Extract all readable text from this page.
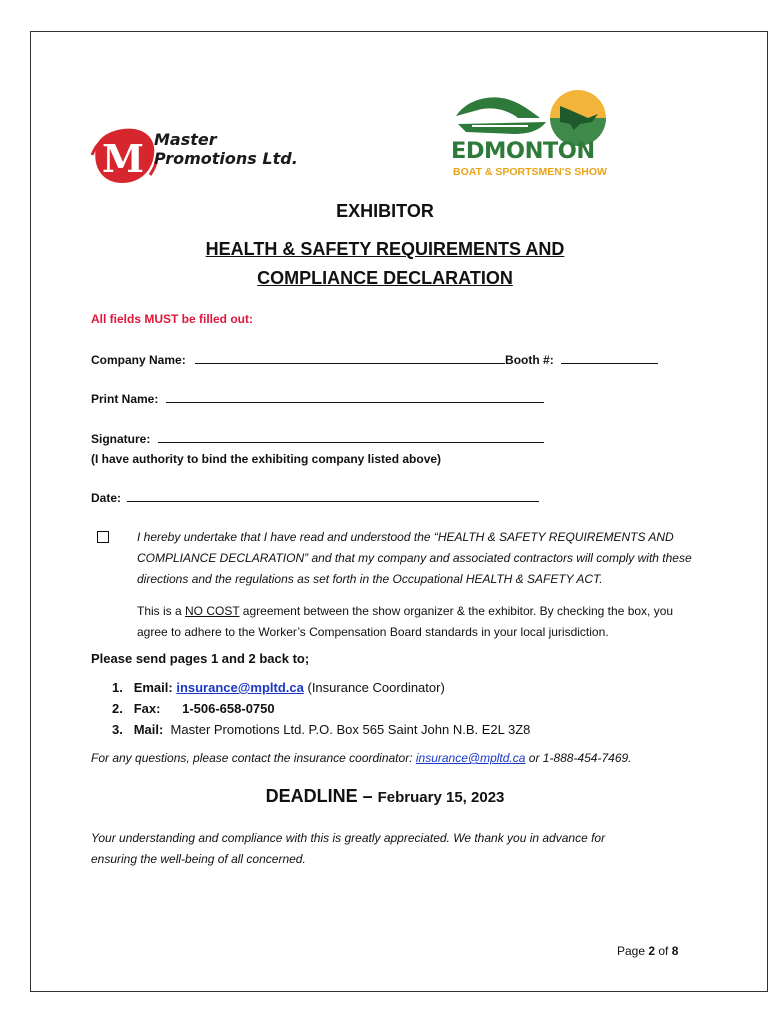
M Master
Promotions Ltd.	EDMONTON
BOAT & SPORTSMEN'S SHOW
EXHIBITOR
HEALTH & SAFETY REQUIREMENTS AND
COMPLIANCE DECLARATION
All fields MUST be filled out:
Company Name:	Booth #:
Print Name:
Signature:
(I have authority to bind the exhibiting company listed above)
Date:
I hereby undertake that I have read and understood the “HEALTH & SAFETY REQUIREMENTS AND COMPLIANCE DECLARATION” and that my company and associated contractors will comply with these directions and the regulations as set forth in the Occupational HEALTH & SAFETY ACT.
This is a NO COST agreement between the show organizer & the exhibitor. By checking the box, you agree to adhere to the Worker’s Compensation Board standards in your local jurisdiction.
Please send pages 1 and 2 back to;
1. Email: insurance@mpltd.ca (Insurance Coordinator)
2. Fax: 1-506-658-0750
3. Mail: Master Promotions Ltd. P.O. Box 565 Saint John N.B. E2L 3Z8
For any questions, please contact the insurance coordinator: insurance@mpltd.ca or 1-888-454-7469.
DEADLINE – February 15, 2023
Your understanding and compliance with this is greatly appreciated. We thank you in advance for ensuring the well-being of all concerned.
Page 2 of 8
